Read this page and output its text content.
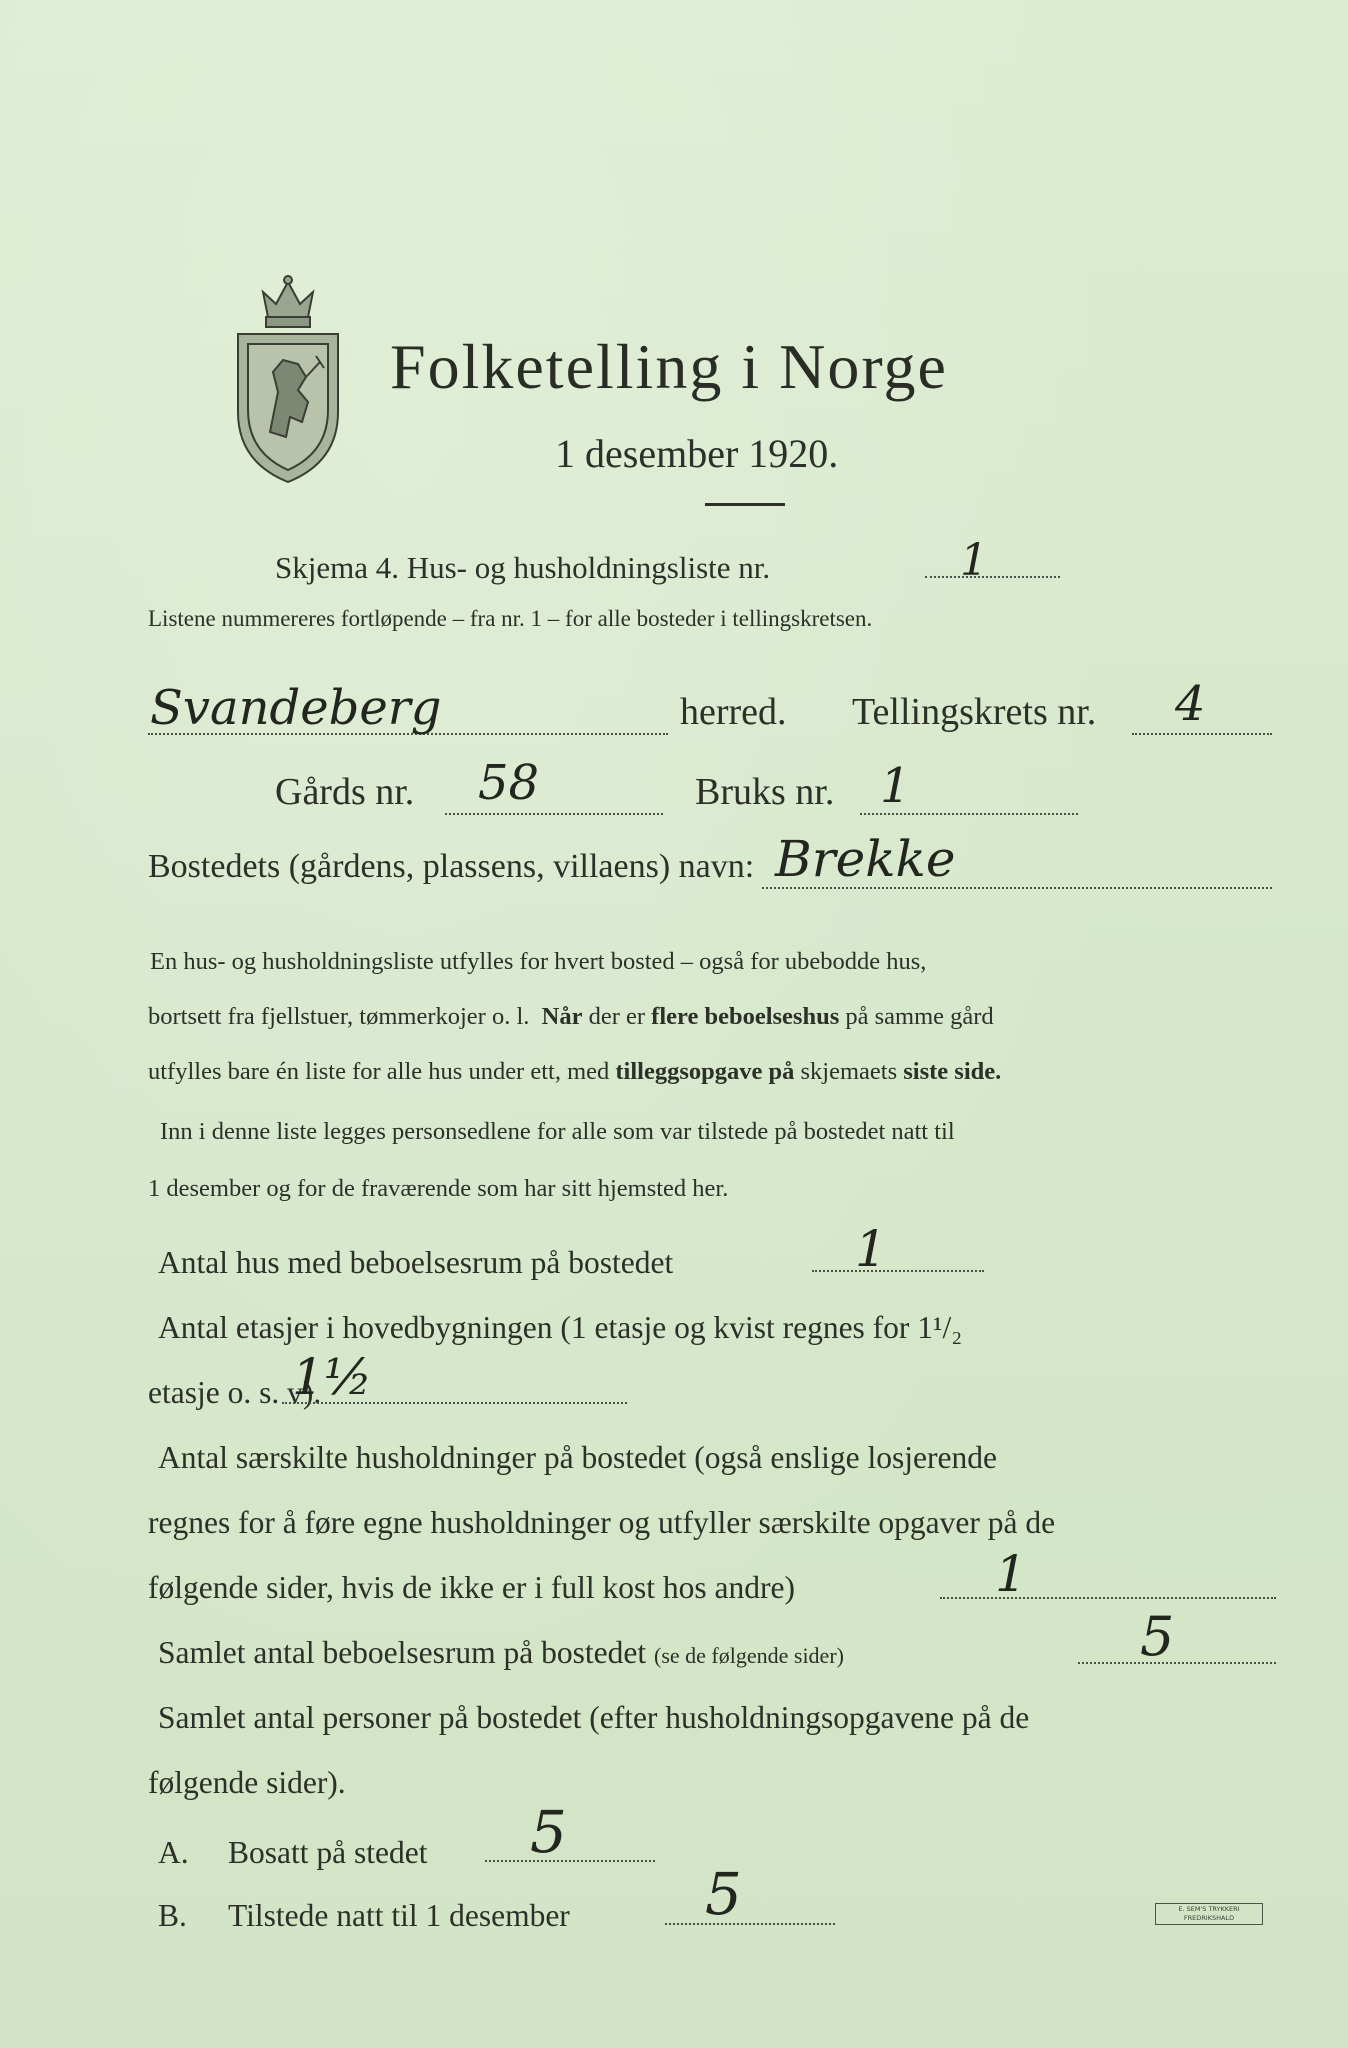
Folketelling i Norge
1 desember 1920.
Skjema 4. Hus- og husholdningsliste nr.	1
Listene nummereres fortløpende – fra nr. 1 – for alle bosteder i tellingskretsen.
Svandeberg	herred. Tellingskrets nr. 4
Gårds nr. 58	Bruks nr. 1
Bostedets (gårdens, plassens, villaens) navn: Brekke
En hus- og husholdningsliste utfylles for hvert bosted – også for ubebodde hus,
bortsett fra fjellstuer, tømmerkojer o. l. Når der er flere beboelseshus på samme gård
utfylles bare én liste for alle hus under ett, med tilleggsopgave på skjemaets siste side.
Inn i denne liste legges personsedlene for alle som var tilstede på bostedet natt til
1 desember og for de fraværende som har sitt hjemsted her.
Antal hus med beboelsesrum på bostedet	1
Antal etasjer i hovedbygningen (1 etasje og kvist regnes for 1¹/₂
etasje o. s. v).
1½
Antal særskilte husholdninger på bostedet (også enslige losjerende
regnes for å føre egne husholdninger og utfyller særskilte opgaver på de
følgende sider, hvis de ikke er i full kost hos andre)	1
Samlet antal beboelsesrum på bostedet (se de følgende sider)	5
Samlet antal personer på bostedet (efter husholdningsopgavene på de
følgende sider).
A. Bosatt på stedet 5
B. Tilstede natt til 1 desember 5	E. SEM'S TRYKKERI
FREDRIKSHALD
